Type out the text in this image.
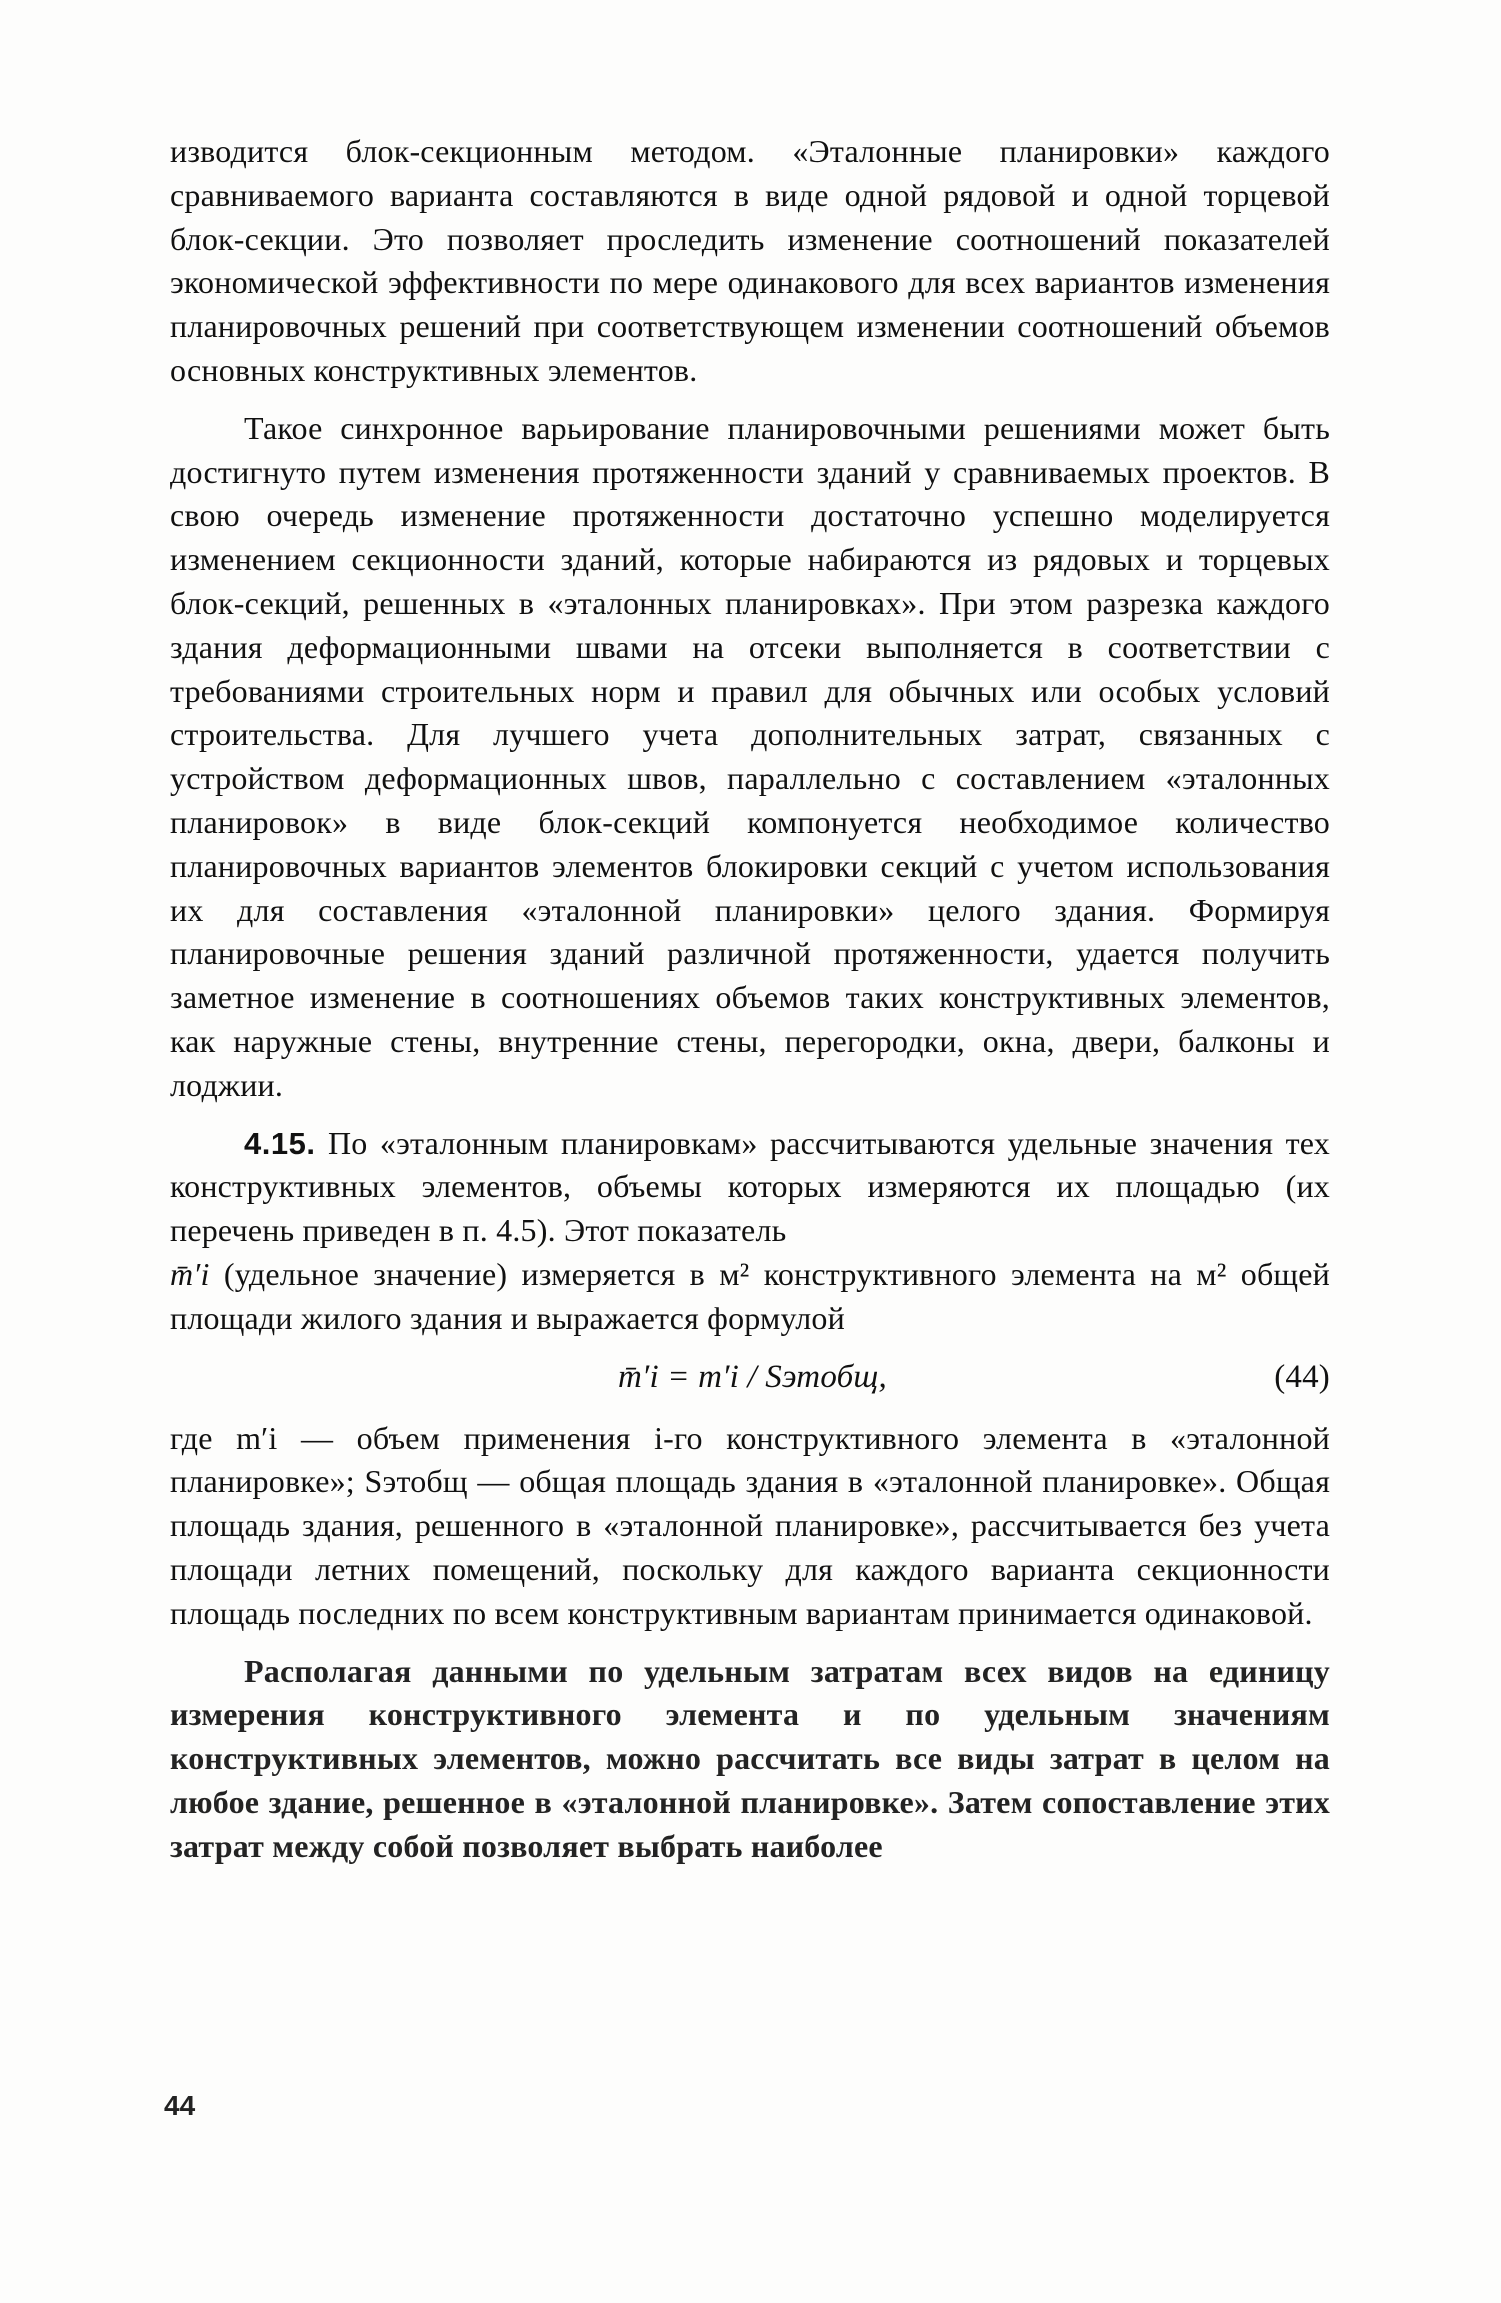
изводится блок-секционным методом. «Эталонные планировки» каждого сравниваемого варианта составляются в виде одной рядовой и одной торцевой блок-секции. Это позволяет проследить изменение соотношений показателей экономической эффективности по мере одинакового для всех вариантов изменения планировочных решений при соответствующем изменении соотношений объемов основных конструктивных элементов.

Такое синхронное варьирование планировочными решениями может быть достигнуто путем изменения протяженности зданий у сравниваемых проектов. В свою очередь изменение протяженности достаточно успешно моделируется изменением секционности зданий, которые набираются из рядовых и торцевых блок-секций, решенных в «эталонных планировках». При этом разрезка каждого здания деформационными швами на отсеки выполняется в соответствии с требованиями строительных норм и правил для обычных или особых условий строительства. Для лучшего учета дополнительных затрат, связанных с устройством деформационных швов, параллельно с составлением «эталонных планировок» в виде блок-секций компонуется необходимое количество планировочных вариантов элементов блокировки секций с учетом использования их для составления «эталонной планировки» целого здания. Формируя планировочные решения зданий различной протяженности, удается получить заметное изменение в соотношениях объемов таких конструктивных элементов, как наружные стены, внутренние стены, перегородки, окна, двери, балконы и лоджии.

4.15. По «эталонным планировкам» рассчитываются удельные значения тех конструктивных элементов, объемы которых измеряются их площадью (их перечень приведен в п. 4.5). Этот показатель

m̄′i (удельное значение) измеряется в м² конструктивного элемента на м² общей площади жилого здания и выражается формулой

m̄′i = m′i / Sэтобщ,	(44)

где m′i — объем применения i-го конструктивного элемента в «эталонной планировке»; Sэтобщ — общая площадь здания в «эталонной планировке». Общая площадь здания, решенного в «эталонной планировке», рассчитывается без учета площади летних помещений, поскольку для каждого варианта секционности площадь последних по всем конструктивным вариантам принимается одинаковой.

Располагая данными по удельным затратам всех видов на единицу измерения конструктивного элемента и по удельным значениям конструктивных элементов, можно рассчитать все виды затрат в целом на любое здание, решенное в «эталонной планировке». Затем сопоставление этих затрат между собой позволяет выбрать наиболее

44
